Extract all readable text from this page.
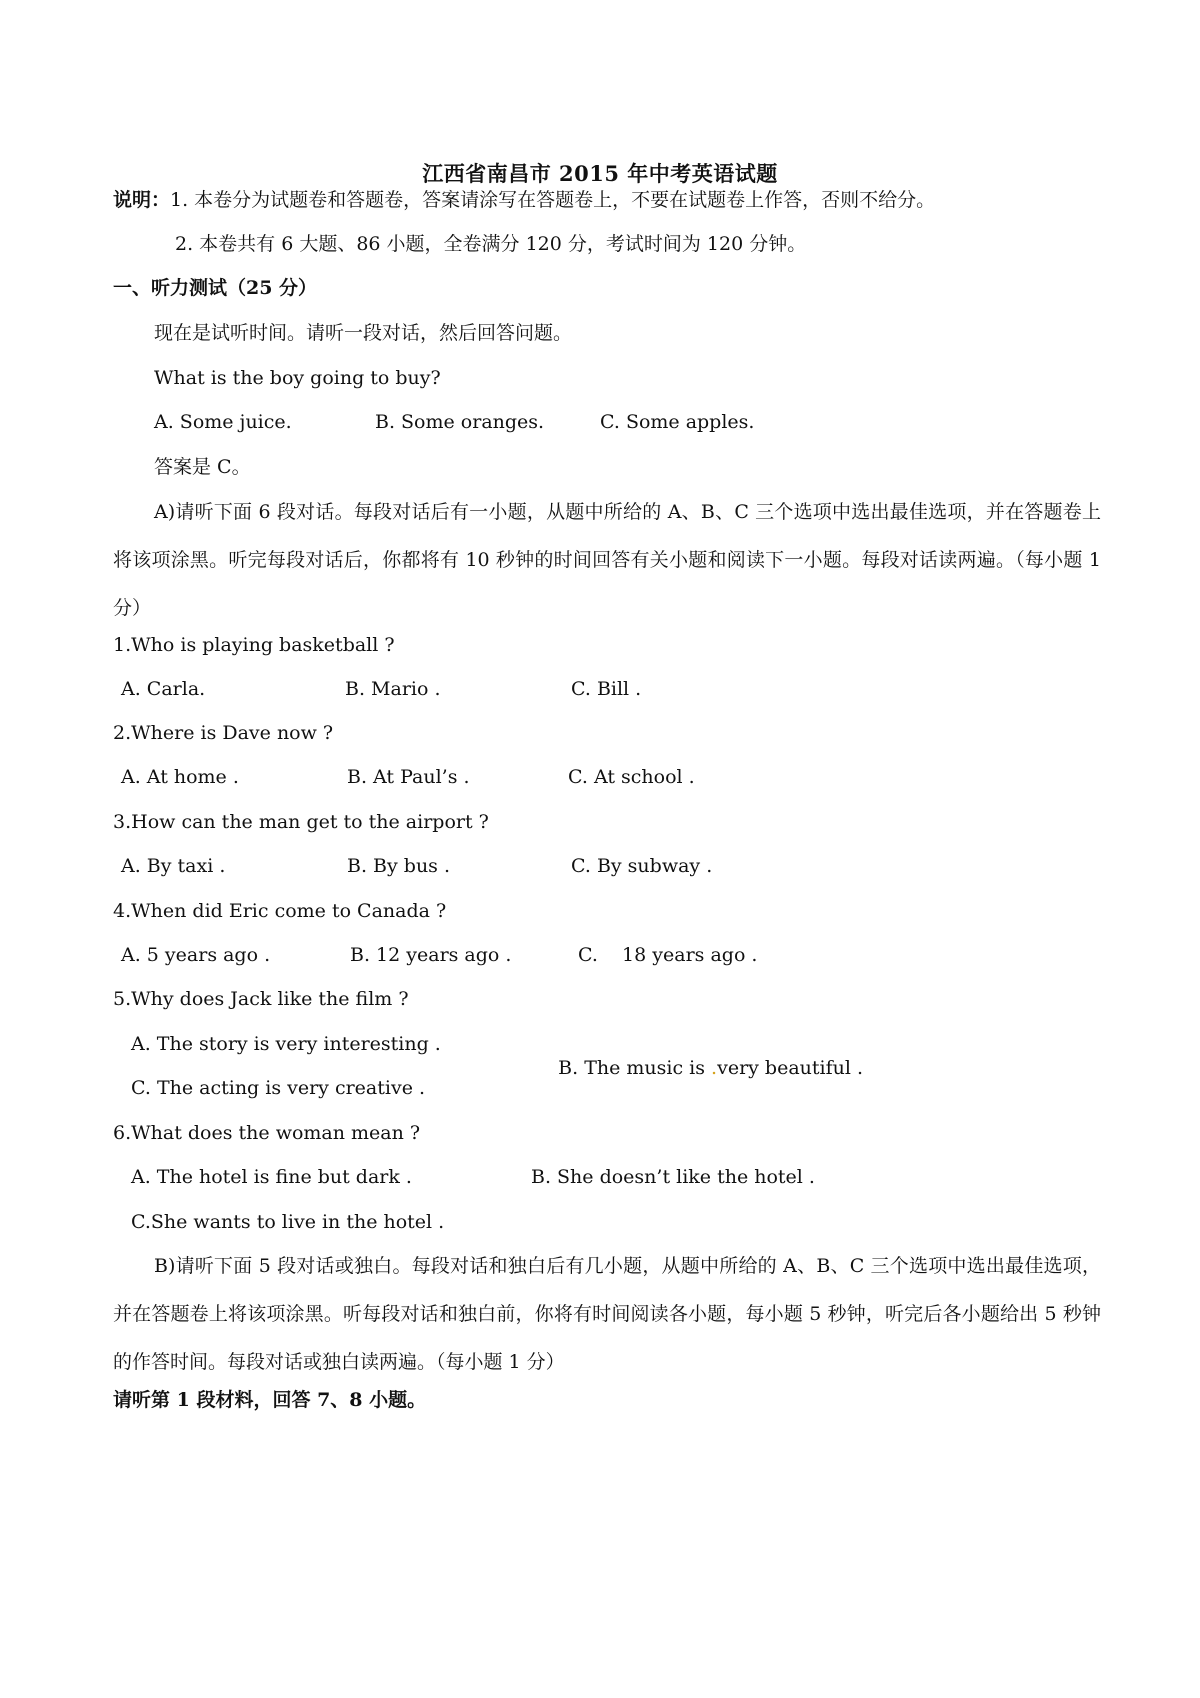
江西省南昌市 2015 年中考英语试题
说明：1. 本卷分为试题卷和答题卷，答案请涂写在答题卷上，不要在试题卷上作答，否则不给分。
2. 本卷共有 6 大题、86 小题，全卷满分 120 分，考试时间为 120 分钟。
一、听力测试（25 分）
现在是试听时间。请听一段对话，然后回答问题。
What is the boy going to buy?
A. Some juice.	B. Some oranges.	C. Some apples.
答案是 C。
A)请听下面 6 段对话。每段对话后有一小题，从题中所给的 A、B、C 三个选项中选出最佳选项，并在答题卷上将该项涂黑。听完每段对话后，你都将有 10 秒钟的时间回答有关小题和阅读下一小题。每段对话读两遍。（每小题 1 分）
1.Who is playing basketball ?
A. Carla.	B. Mario .	C. Bill .
2.Where is Dave now ?
A. At home .	B. At Paul’s .	C. At school .
3.How can the man get to the airport ?
A. By taxi .	B. By bus .	C. By subway .
4.When did Eric come to Canada ?
A. 5 years ago .	B. 12 years ago .	C.    18 years ago .
5.Why does Jack like the film ?
A. The story is very interesting .

B. The music is .very beautiful .

C. The acting is very creative .
6.What does the woman mean ?
A. The hotel is fine but dark .	B. She doesn’t like the hotel .
C.She wants to live in the hotel .
B)请听下面 5 段对话或独白。每段对话和独白后有几小题，从题中所给的 A、B、C 三个选项中选出最佳选项，并在答题卷上将该项涂黑。听每段对话和独白前，你将有时间阅读各小题，每小题 5 秒钟，听完后各小题给出 5 秒钟的作答时间。每段对话或独白读两遍。（每小题 1 分）
请听第 1 段材料，回答 7、8 小题。
